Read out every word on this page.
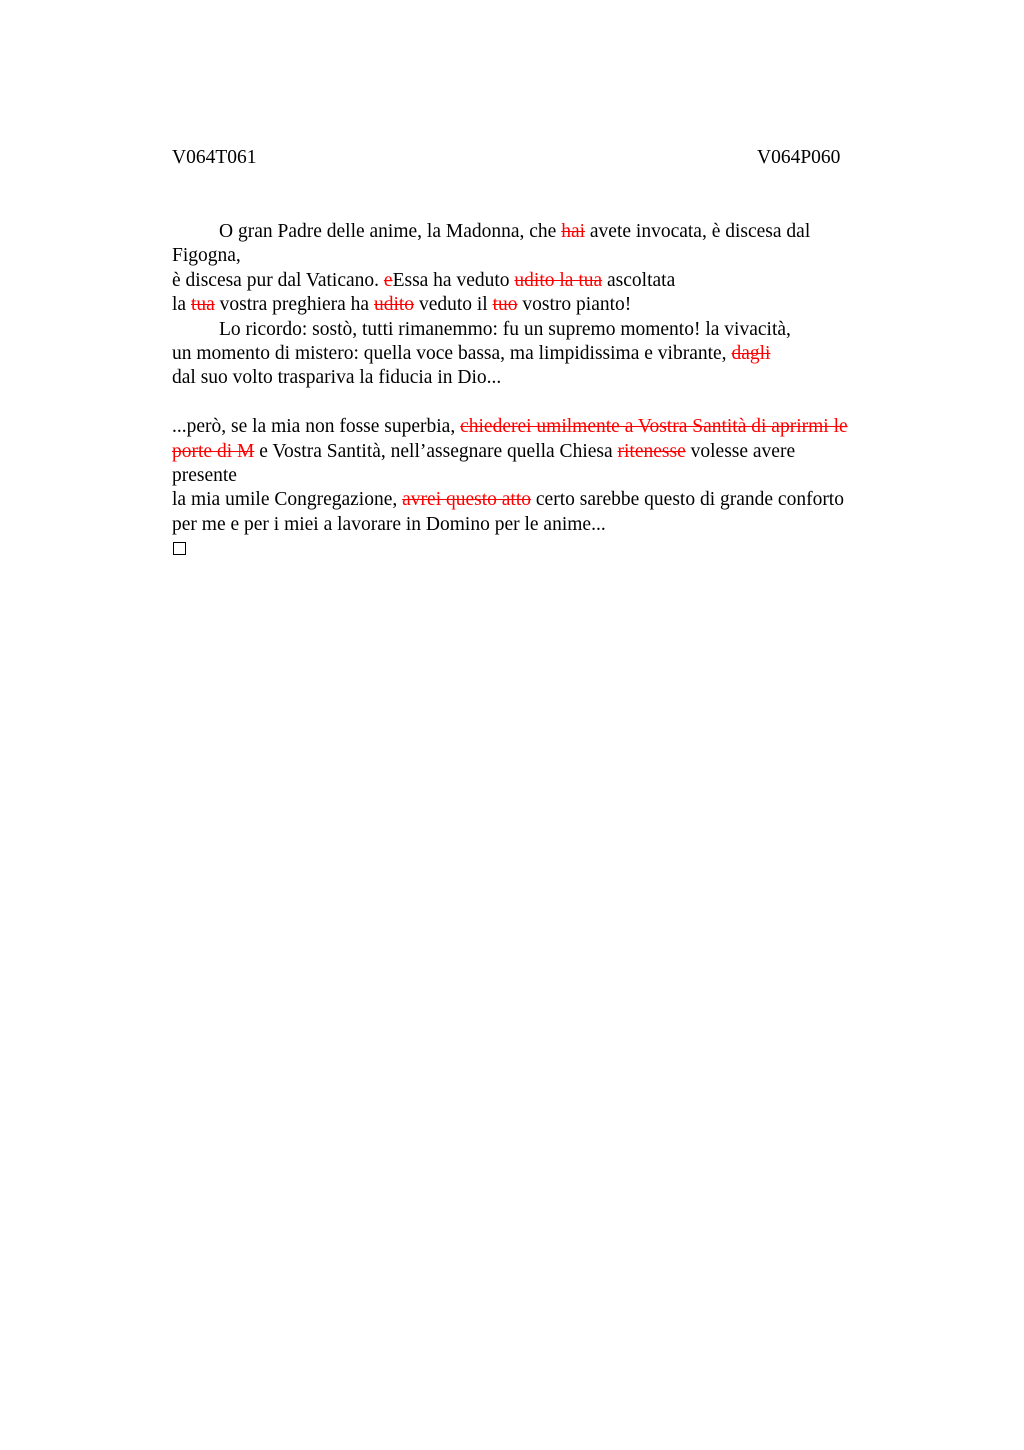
V064T061	V064P060
O gran Padre delle anime, la Madonna, che hai avete invocata, è discesa dal
Figogna,
è discesa pur dal Vaticano. eEssa ha veduto udito la tua ascoltata
la tua vostra preghiera ha udito veduto il tuo vostro pianto!
Lo ricordo: sostò, tutti rimanemmo: fu un supremo momento! la vivacità,
un momento di mistero: quella voce bassa, ma limpidissima e vibrante, dagli
dal suo volto traspariva la fiducia in Dio...
...però, se la mia non fosse superbia, chiederei umilmente a Vostra Santità di aprirmi le
porte di M e Vostra Santità, nell’assegnare quella Chiesa ritenesse volesse avere
presente
la mia umile Congregazione, avrei questo atto certo sarebbe questo di grande conforto
per me e per i miei a lavorare in Domino per le anime...
